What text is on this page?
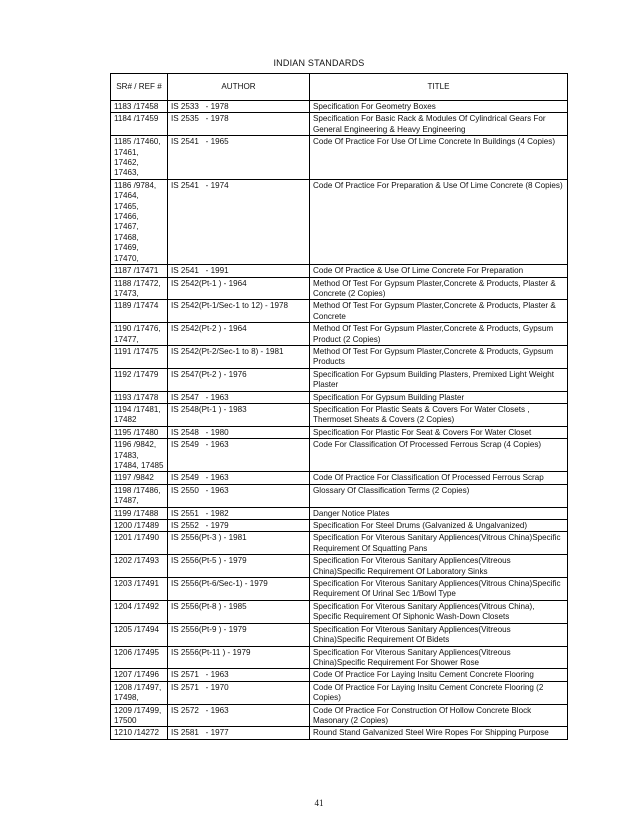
INDIAN STANDARDS
SR# / REF #	AUTHOR	TITLE
1183 /17458	IS 2533   - 1978	Specification For Geometry Boxes
1184 /17459	IS 2535   - 1978	Specification For Basic Rack & Modules Of Cylindrical Gears For General Engineering & Heavy Engineering
1185 /17460, 17461, 17462, 17463,	IS 2541   - 1965	Code Of Practice For Use Of Lime Concrete In Buildings (4 Copies)
1186 /9784, 17464, 17465, 17466, 17467, 17468, 17469, 17470,	IS 2541   - 1974	Code Of Practice For Preparation & Use Of Lime Concrete (8 Copies)
1187 /17471	IS 2541   - 1991	Code Of Practice & Use Of Lime Concrete For Preparation
1188 /17472, 17473,	IS 2542(Pt-1 ) - 1964	Method Of Test For Gypsum Plaster,Concrete & Products, Plaster & Concrete (2 Copies)
1189 /17474	IS 2542(Pt-1/Sec-1 to 12) - 1978	Method Of Test For Gypsum Plaster,Concrete & Products, Plaster & Concrete
1190 /17476, 17477,	IS 2542(Pt-2 ) - 1964	Method Of Test For Gypsum Plaster,Concrete & Products, Gypsum Product (2 Copies)
1191 /17475	IS 2542(Pt-2/Sec-1 to 8) - 1981	Method Of Test For Gypsum Plaster,Concrete & Products, Gypsum Products
1192 /17479	IS 2547(Pt-2 ) - 1976	Specification For Gypsum Building Plasters, Premixed Light Weight Plaster
1193 /17478	IS 2547   - 1963	Specification For Gypsum Building Plaster
1194 /17481, 17482	IS 2548(Pt-1 ) - 1983	Specification For Plastic Seats & Covers For Water Closets , Thermoset Sheats & Covers (2 Copies)
1195 /17480	IS 2548   - 1980	Specification For Plastic For Seat & Covers For Water Closet
1196 /9842, 17483, 17484, 17485	IS 2549   - 1963	Code For Classification Of Processed Ferrous Scrap (4 Copies)
1197 /9842	IS 2549   - 1963	Code Of Practice For Classification Of Processed Ferrous Scrap
1198 /17486, 17487,	IS 2550   - 1963	Glossary Of Classification Terms (2 Copies)
1199 /17488	IS 2551   - 1982	Danger Notice Plates
1200 /17489	IS 2552   - 1979	Specification For Steel Drums (Galvanized & Ungalvanized)
1201 /17490	IS 2556(Pt-3 ) - 1981	Specification For Viterous Sanitary Appliences(Vitrous China)Specific Requirement Of Squatting Pans
1202 /17493	IS 2556(Pt-5 ) - 1979	Specification For Viterous Sanitary Appliences(Vitreous China)Specific Requirement Of Laboratory Sinks
1203 /17491	IS 2556(Pt-6/Sec-1) - 1979	Specification For Viterous Sanitary Appliences(Vitrous China)Specific Requirement Of Urinal Sec 1/Bowl Type
1204 /17492	IS 2556(Pt-8 ) - 1985	Specification For Viterous Sanitary Appliences(Vitrous China), Specific Requirement Of Siphonic Wash-Down Closets
1205 /17494	IS 2556(Pt-9 ) - 1979	Specification For Viterous Sanitary Appliences(Vitreous China)Specific Requirement Of Bidets
1206 /17495	IS 2556(Pt-11 ) - 1979	Specification For Viterous Sanitary Appliences(Vitreous China)Specific Requirement For Shower Rose
1207 /17496	IS 2571   - 1963	Code Of Practice For Laying Insitu Cement Concrete Flooring
1208 /17497, 17498,	IS 2571   - 1970	Code Of Practice For Laying Insitu Cement Concrete Flooring (2 Copies)
1209 /17499, 17500	IS 2572   - 1963	Code Of Practice For Construction Of Hollow Concrete Block Masonary (2 Copies)
1210 /14272	IS 2581   - 1977	Round Stand Galvanized Steel Wire Ropes For Shipping Purpose
41
